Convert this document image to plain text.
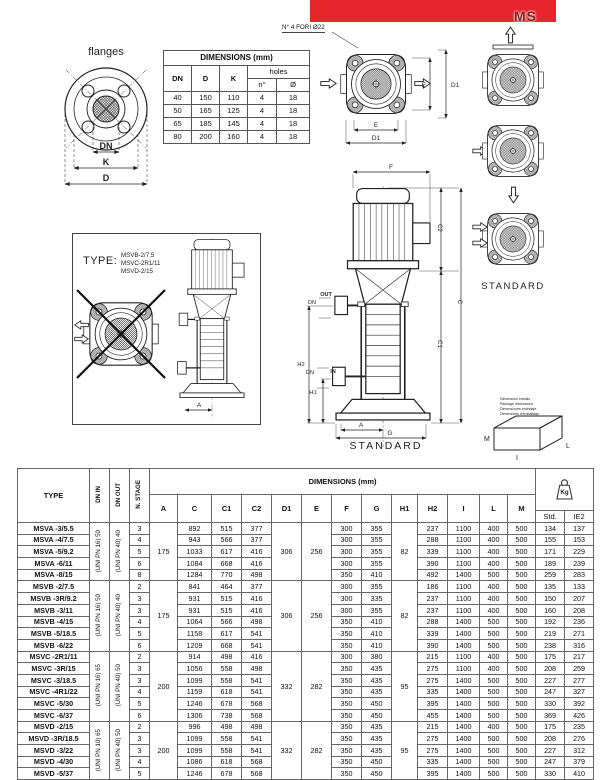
MS
flanges
DN
K
D
DIMENSIONS (mm)				
DN	D	K	holes	
			n°	Ø
40	150	110	4	18
50	165	125	4	18
65	185	145	4	18
80	200	160	4	18
N° 4 FORI Ø22
E	D1
E
D1
STANDARD
TYPE: MSVB-2/7.5
MSVC-2R1/11
MSVD-2/15
A
F
C2
C1
C
H2
H1
OUT
DN
IN
DN
A
G
STANDARD
Dimensioni imballo
Package dimensions
Dimensiones embalaje
Dimensions d'emballage
M
L
I
TYPE	DN IN	DN OUT	N. STAGE	DIMENSIONS (mm)													Kg	

				A	C	C1	C2	D1	E	F	G	H1	H2	I	L	M		
																	Std.	IE2
MSVA -3/5.5	(UNI PN 16) 50	(UNI PN 40) 40	3	175	892	515	377	306	256	300	355	82	237	1100	400	500	134	137
MSVA -4/7.5			4		943	566	377			300	355		288	1100	400	500	155	153
MSVA -5/9.2			5		1033	617	416			300	355		339	1100	400	500	171	229
MSVA -6/11			6		1084	668	416			300	355		390	1100	400	500	189	239
MSVA -8/15			8		1284	770	498			350	410		492	1400	500	500	259	283
MSVB -2/7.5	(UNI PN 16) 50	(UNI PN 40) 40	2	175	841	464	377	306	256	300	355	82	186	1100	400	500	135	133
MSVB -3R/9.2			3		931	515	416			300	335		237	1100	400	500	150	207
MSVB -3/11			3		931	515	416			300	355		237	1100	400	500	160	208
MSVB -4/15			4		1064	566	498			350	410		288	1400	500	500	192	236
MSVB -5/18.5			5		1158	617	541			350	410		339	1400	500	500	219	271
MSVB -6/22			6		1209	668	541			350	410		390	1400	500	500	238	316
MSVC -2R1/11	(UNI PN 16) 65	(UNI PN 40) 50	2	200	914	498	416	332	282	300	380	95	215	1100	400	500	175	217
MSVC -3R/15			3		1056	558	498			350	435		275	1100	400	500	208	259
MSVC -3/18.5			3		1099	558	541			350	435		275	1400	500	500	227	277
MSVC -4R1/22			4		1159	618	541			350	435		335	1400	500	500	247	327
MSVC -5/30			5		1246	678	568			350	450		395	1400	500	500	330	392
MSVC -6/37			6		1306	738	568			350	450		455	1400	500	500	369	426
MSVD -2/15	(UNI PN 10) 65	(UNI PN 40) 50	2	200	996	498	498	332	282	350	435	95	215	1400	400	500	175	235
MSVD -3R/18.5			3		1099	558	541			350	435		275	1400	500	500	208	276
MSVD -3/22			3		1099	558	541			350	435		275	1400	500	500	227	312
MSVD -4/30			4		1086	618	568			350	450		335	1400	500	500	247	379
MSVD -5/37			5		1246	678	568			350	450		395	1400	500	500	330	410
